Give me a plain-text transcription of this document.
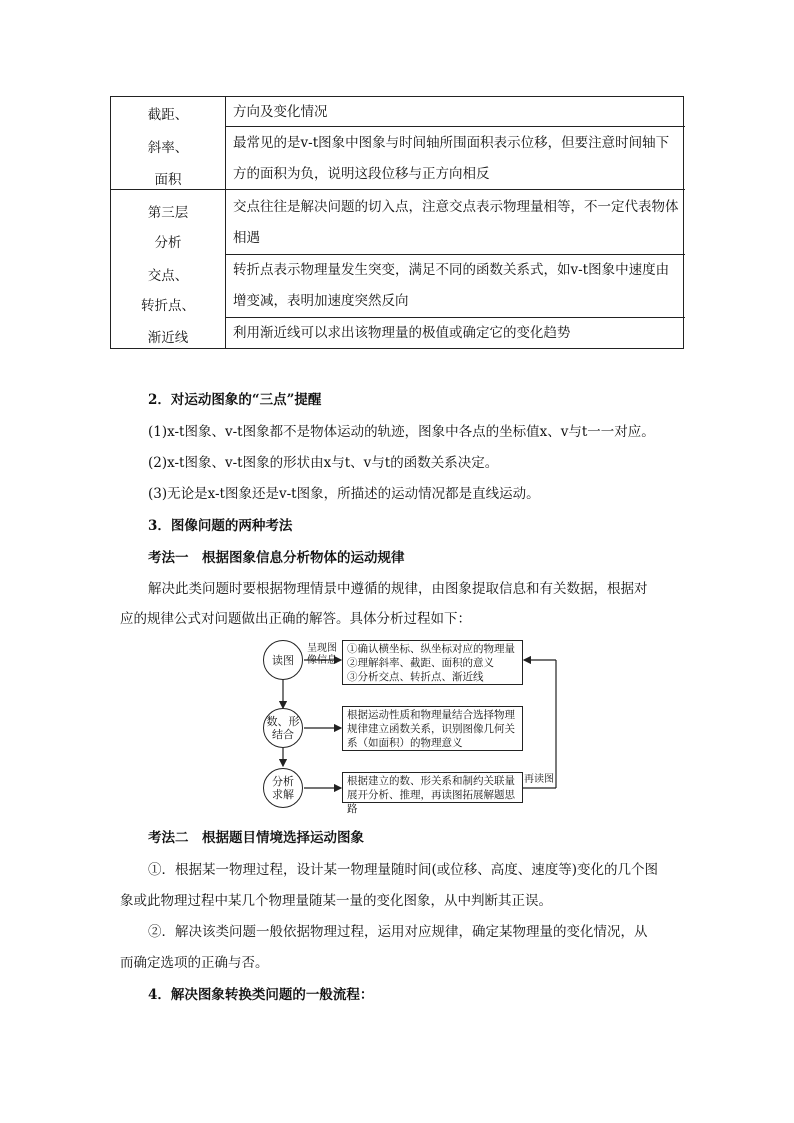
截距、
斜率、
面积
第三层
分析
交点、
转折点、
渐近线
方向及变化情况
最常见的是v-t图象中图象与时间轴所围面积表示位移，但要注意时间轴下方的面积为负，说明这段位移与正方向相反
交点往往是解决问题的切入点，注意交点表示物理量相等，不一定代表物体相遇
转折点表示物理量发生突变，满足不同的函数关系式，如v-t图象中速度由增变减，表明加速度突然反向
利用渐近线可以求出该物理量的极值或确定它的变化趋势
2．对运动图象的“三点”提醒
(1)x-t图象、v-t图象都不是物体运动的轨迹，图象中各点的坐标值x、v与t一一对应。
(2)x-t图象、v-t图象的形状由x与t、v与t的函数关系决定。
(3)无论是x-t图象还是v-t图象，所描述的运动情况都是直线运动。
3．图像问题的两种考法
考法一　根据图象信息分析物体的运动规律
解决此类问题时要根据物理情景中遵循的规律，由图象提取信息和有关数据，根据对
应的规律公式对问题做出正确的解答。具体分析过程如下：
读图
数、形
结合
分析
求解
呈现图
像信息
再读图
①确认横坐标、纵坐标对应的物理量
②理解斜率、截距、面积的意义
③分析交点、转折点、渐近线
根据运动性质和物理量结合选择物理
规律建立函数关系，识别图像几何关
系（如面积）的物理意义
根据建立的数、形关系和制约关联量
展开分析、推理，再读图拓展解题思路
考法二　根据题目情境选择运动图象
①．根据某一物理过程，设计某一物理量随时间(或位移、高度、速度等)变化的几个图
象或此物理过程中某几个物理量随某一量的变化图象，从中判断其正误。
②．解决该类问题一般依据物理过程，运用对应规律，确定某物理量的变化情况，从
而确定选项的正确与否。
4．解决图象转换类问题的一般流程：
